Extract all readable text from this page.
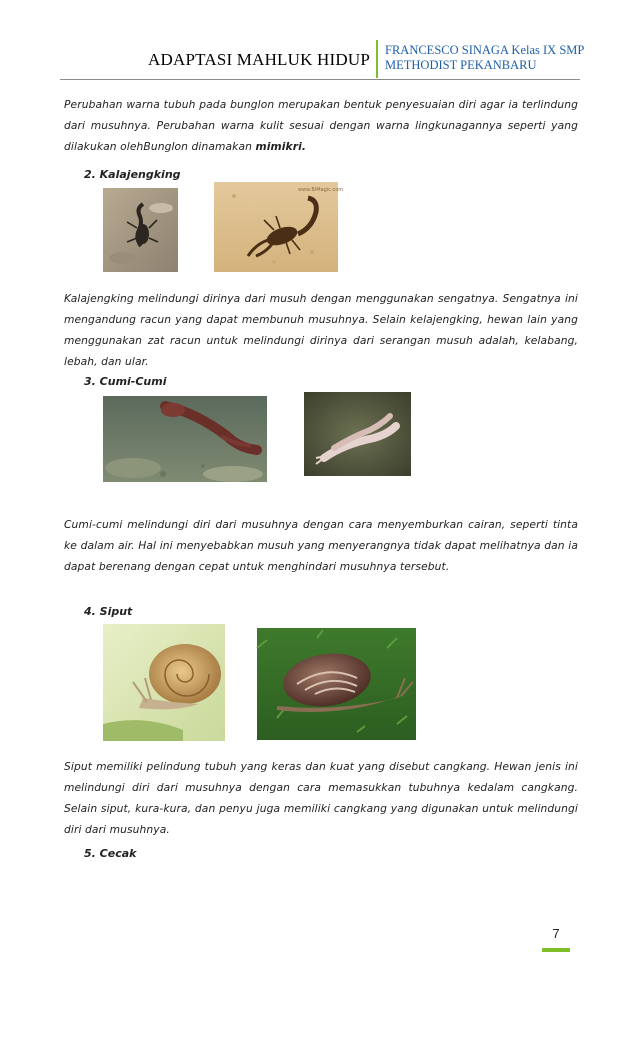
ADAPTASI MAHLUK HIDUP FRANCESCO SINAGA Kelas IX SMP
METHODIST PEKANBARU
Perubahan warna tubuh pada bunglon merupakan bentuk penyesuaian diri agar ia terlindung dari musuhnya. Perubahan warna kulit sesuai dengan warna lingkunagannya seperti yang dilakukan olehBunglon dinamakan mimikri.
2. Kalajengking
www.BiMagic.com
Kalajengking melindungi dirinya dari musuh dengan menggunakan sengatnya. Sengatnya ini mengandung racun yang dapat membunuh musuhnya. Selain kelajengking, hewan lain yang menggunakan zat racun untuk melindungi dirinya dari serangan musuh adalah, kelabang, lebah, dan ular.
3. Cumi-Cumi
Cumi-cumi melindungi diri dari musuhnya dengan cara menyemburkan cairan, seperti tinta ke dalam air. Hal ini menyebabkan musuh yang menyerangnya tidak dapat melihatnya dan ia dapat berenang dengan cepat untuk menghindari musuhnya tersebut.
4. Siput
Siput memiliki pelindung tubuh yang keras dan kuat yang disebut cangkang. Hewan jenis ini melindungi diri dari musuhnya dengan cara memasukkan tubuhnya kedalam cangkang. Selain siput, kura-kura, dan penyu juga memiliki cangkang yang digunakan untuk melindungi diri dari musuhnya.
5. Cecak
7
